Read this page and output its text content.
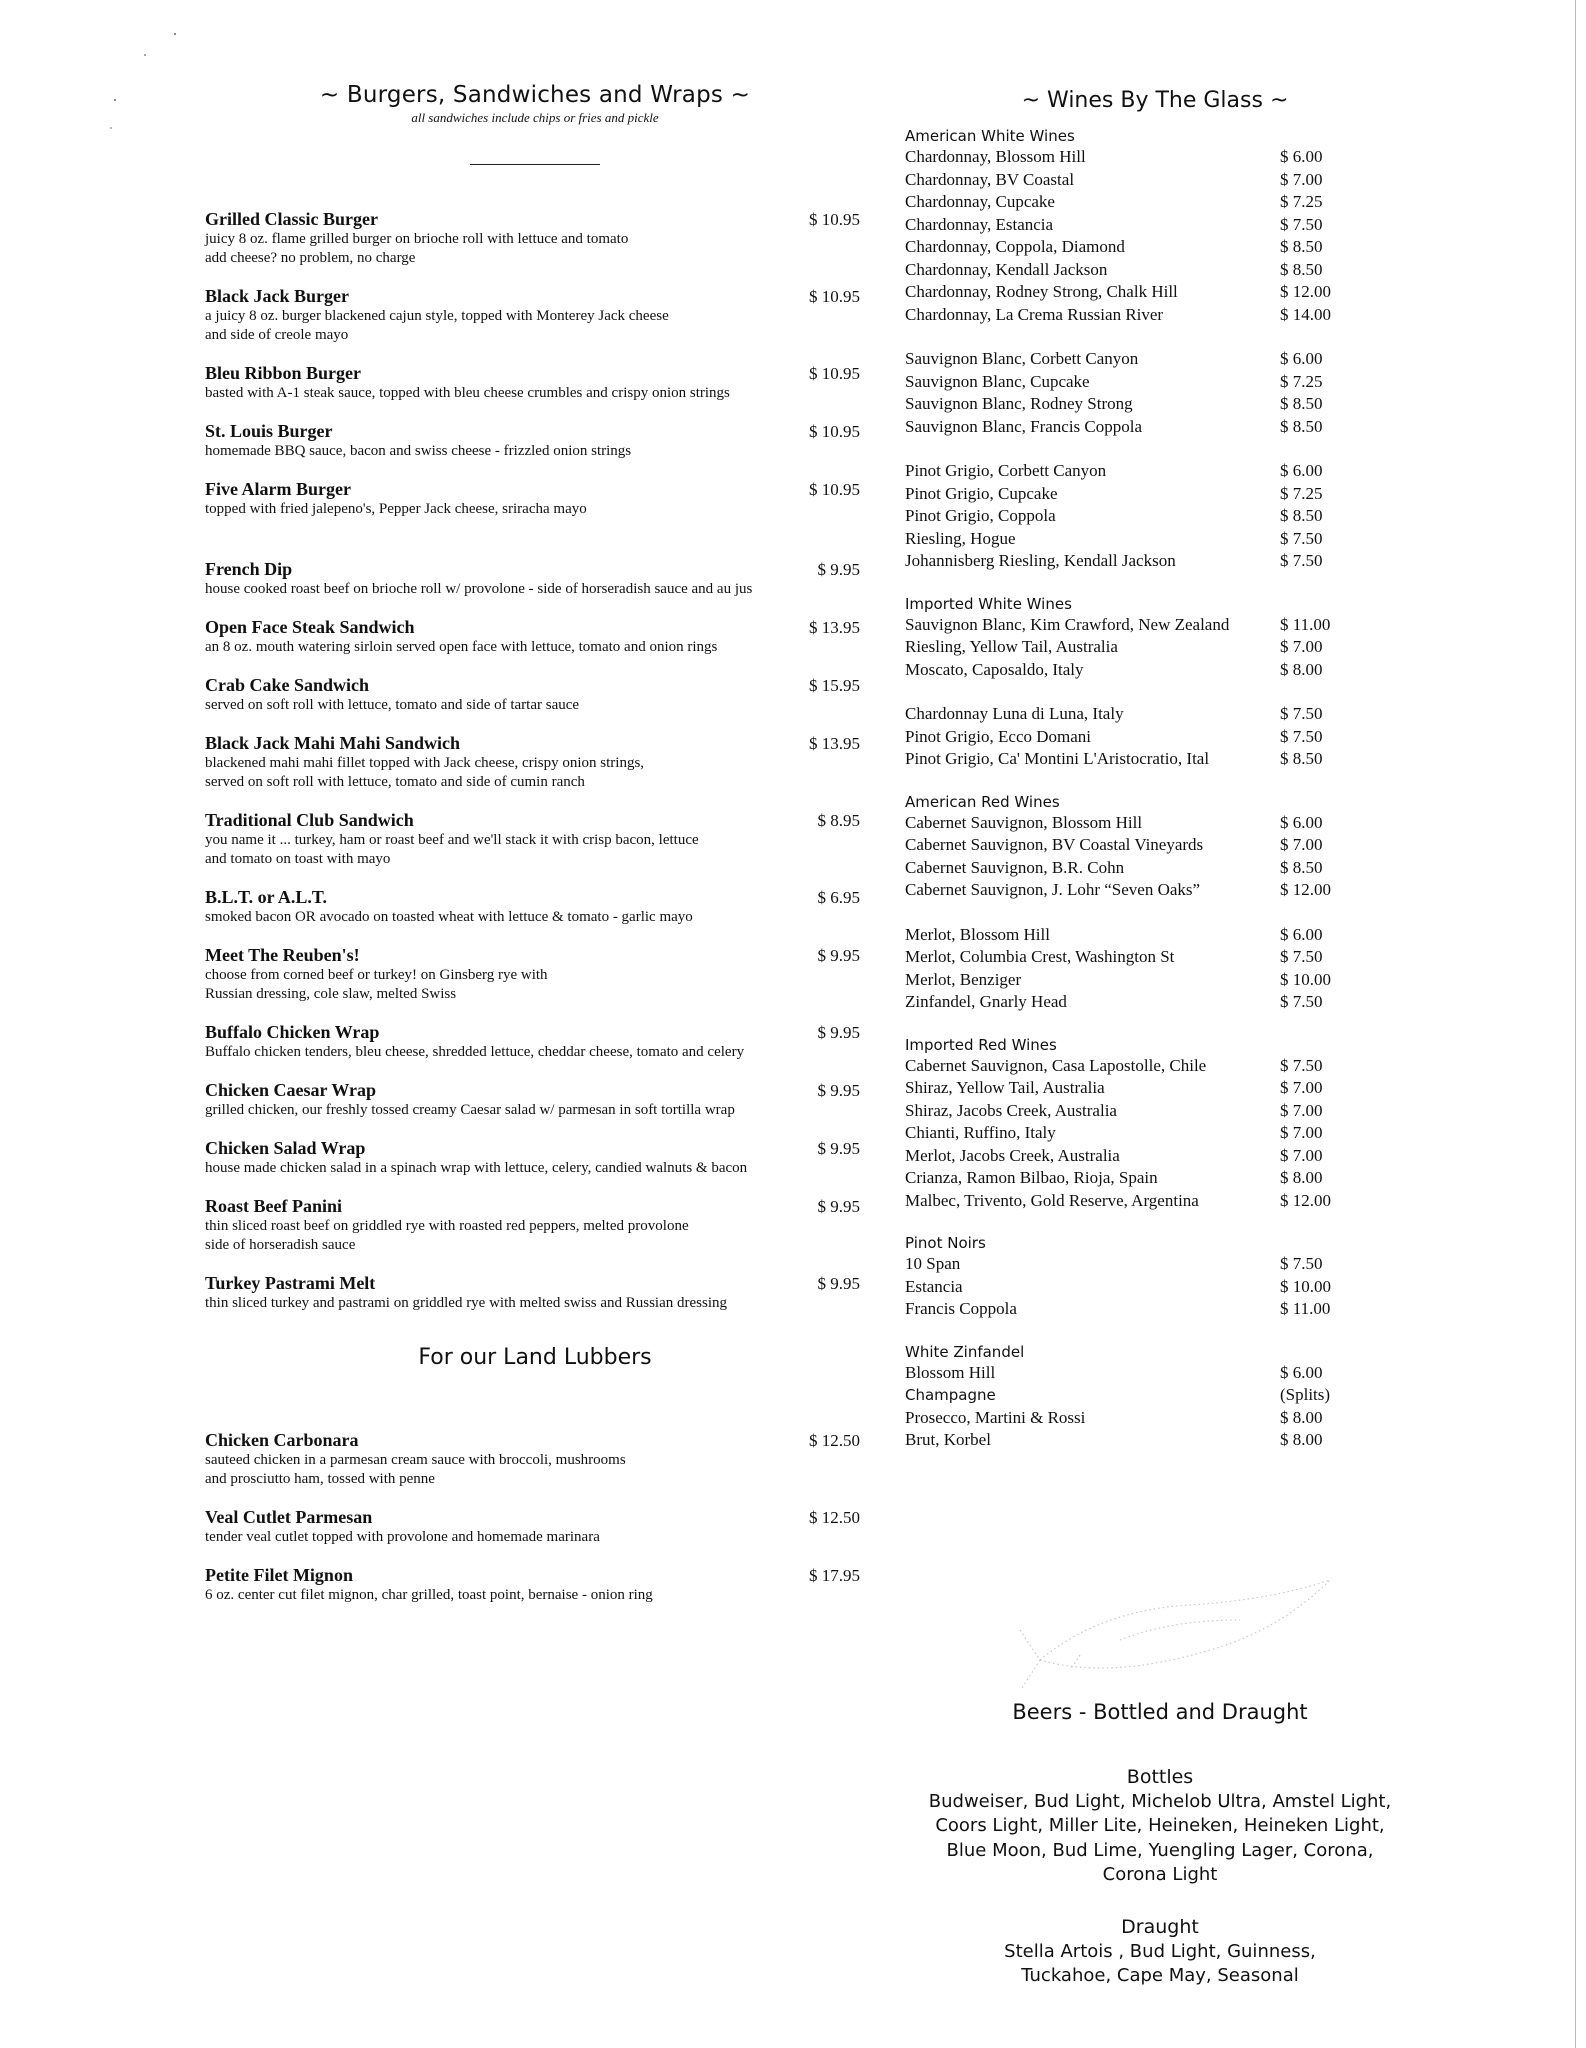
~ Burgers, Sandwiches and Wraps ~
all sandwiches include chips or fries and pickle
Grilled Classic Burger	$ 10.95
juicy 8 oz. flame grilled burger on brioche roll with lettuce and tomato
add cheese? no problem, no charge
Black Jack Burger	$ 10.95
a juicy 8 oz. burger blackened cajun style, topped with Monterey Jack cheese
and side of creole mayo
Bleu Ribbon Burger	$ 10.95
basted with A-1 steak sauce, topped with bleu cheese crumbles and crispy onion strings
St. Louis Burger	$ 10.95
homemade BBQ sauce, bacon and swiss cheese - frizzled onion strings
Five Alarm Burger	$ 10.95
topped with fried jalepeno's, Pepper Jack cheese, sriracha mayo
French Dip	$ 9.95
house cooked roast beef on brioche roll w/ provolone - side of horseradish sauce and au jus
Open Face Steak Sandwich	$ 13.95
an 8 oz. mouth watering sirloin served open face with lettuce, tomato and onion rings
Crab Cake Sandwich	$ 15.95
served on soft roll with lettuce, tomato and side of tartar sauce
Black Jack Mahi Mahi Sandwich	$ 13.95
blackened mahi mahi fillet topped with Jack cheese, crispy onion strings,
served on soft roll with lettuce, tomato and side of cumin ranch
Traditional Club Sandwich	$ 8.95
you name it ... turkey, ham or roast beef and we'll stack it with crisp bacon, lettuce
and tomato on toast with mayo
B.L.T. or A.L.T.	$ 6.95
smoked bacon OR avocado on toasted wheat with lettuce & tomato - garlic mayo
Meet The Reuben's!	$ 9.95
choose from corned beef or turkey! on Ginsberg rye with
Russian dressing, cole slaw, melted Swiss
Buffalo Chicken Wrap	$ 9.95
Buffalo chicken tenders, bleu cheese, shredded lettuce, cheddar cheese, tomato and celery
Chicken Caesar Wrap	$ 9.95
grilled chicken, our freshly tossed creamy Caesar salad w/ parmesan in soft tortilla wrap
Chicken Salad Wrap	$ 9.95
house made chicken salad in a spinach wrap with lettuce, celery, candied walnuts & bacon
Roast Beef Panini	$ 9.95
thin sliced roast beef on griddled rye with roasted red peppers, melted provolone
side of horseradish sauce
Turkey Pastrami Melt	$ 9.95
thin sliced turkey and pastrami on griddled rye with melted swiss and Russian dressing
For our Land Lubbers
Chicken Carbonara	$ 12.50
sauteed chicken in a parmesan cream sauce with broccoli, mushrooms
and prosciutto ham, tossed with penne
Veal Cutlet Parmesan	$ 12.50
tender veal cutlet topped with provolone and homemade marinara
Petite Filet Mignon	$ 17.95
6 oz. center cut filet mignon, char grilled, toast point, bernaise - onion ring
~ Wines By The Glass ~
American White Wines
Chardonnay, Blossom Hill	$ 6.00
Chardonnay, BV Coastal	$ 7.00
Chardonnay, Cupcake	$ 7.25
Chardonnay, Estancia	$ 7.50
Chardonnay, Coppola, Diamond	$ 8.50
Chardonnay, Kendall Jackson	$ 8.50
Chardonnay, Rodney Strong, Chalk Hill	$ 12.00
Chardonnay, La Crema Russian River	$ 14.00
Sauvignon Blanc, Corbett Canyon	$ 6.00
Sauvignon Blanc, Cupcake	$ 7.25
Sauvignon Blanc, Rodney Strong	$ 8.50
Sauvignon Blanc, Francis Coppola	$ 8.50
Pinot Grigio, Corbett Canyon	$ 6.00
Pinot Grigio, Cupcake	$ 7.25
Pinot Grigio, Coppola	$ 8.50
Riesling, Hogue	$ 7.50
Johannisberg Riesling, Kendall Jackson	$ 7.50
Imported White Wines
Sauvignon Blanc, Kim Crawford, New Zealand	$ 11.00
Riesling, Yellow Tail, Australia	$ 7.00
Moscato, Caposaldo, Italy	$ 8.00
Chardonnay Luna di Luna, Italy	$ 7.50
Pinot Grigio, Ecco Domani	$ 7.50
Pinot Grigio, Ca' Montini L'Aristocratio, Ital	$ 8.50
American Red Wines
Cabernet Sauvignon, Blossom Hill	$ 6.00
Cabernet Sauvignon, BV Coastal Vineyards	$ 7.00
Cabernet Sauvignon, B.R. Cohn	$ 8.50
Cabernet Sauvignon, J. Lohr “Seven Oaks”	$ 12.00
Merlot, Blossom Hill	$ 6.00
Merlot, Columbia Crest, Washington St	$ 7.50
Merlot, Benziger	$ 10.00
Zinfandel, Gnarly Head	$ 7.50
Imported Red Wines
Cabernet Sauvignon, Casa Lapostolle, Chile	$ 7.50
Shiraz, Yellow Tail, Australia	$ 7.00
Shiraz, Jacobs Creek, Australia	$ 7.00
Chianti, Ruffino, Italy	$ 7.00
Merlot, Jacobs Creek, Australia	$ 7.00
Crianza, Ramon Bilbao, Rioja, Spain	$ 8.00
Malbec, Trivento, Gold Reserve, Argentina	$ 12.00
Pinot Noirs
10 Span	$ 7.50
Estancia	$ 10.00
Francis Coppola	$ 11.00
White Zinfandel
Blossom Hill	$ 6.00
Champagne	(Splits)
Prosecco, Martini & Rossi	$ 8.00
Brut, Korbel	$ 8.00
Beers - Bottled and Draught
Bottles
Budweiser, Bud Light, Michelob Ultra, Amstel Light,
Coors Light, Miller Lite, Heineken, Heineken Light,
Blue Moon, Bud Lime, Yuengling Lager, Corona,
Corona Light
Draught
Stella Artois , Bud Light, Guinness,
Tuckahoe, Cape May, Seasonal
